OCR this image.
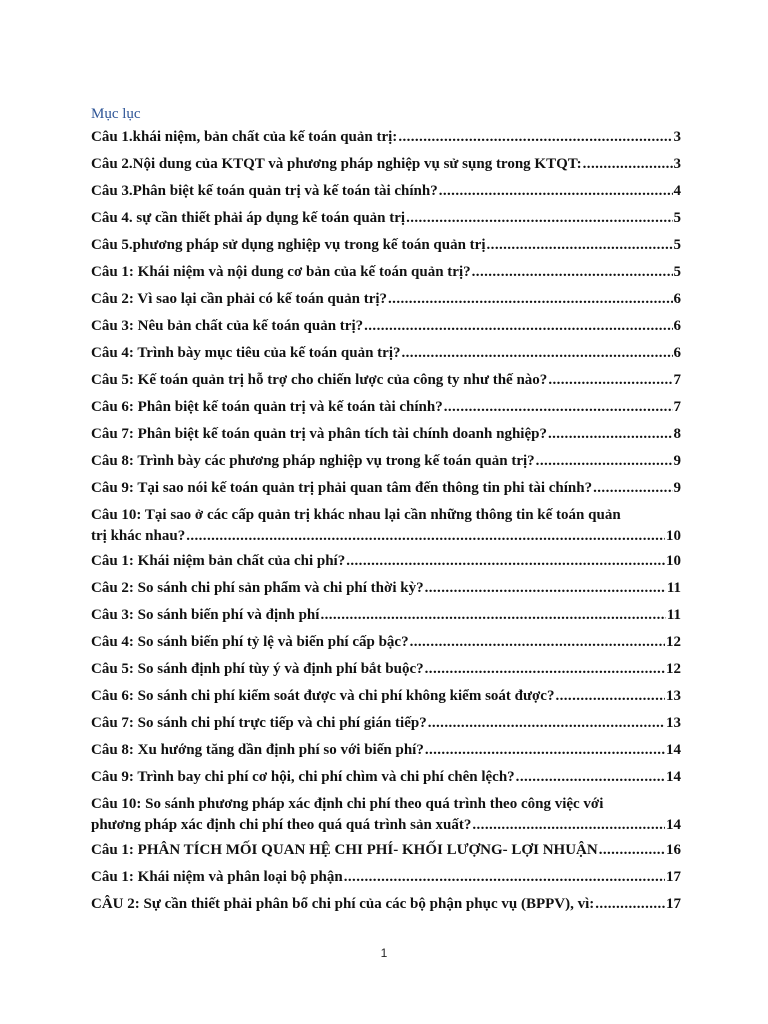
Mục lục
Câu 1.khái niệm, bản chất của kế toán quản trị: .....	3
Câu 2.Nội dung của KTQT và phương pháp nghiệp vụ sử sụng trong KTQT: .....	3
Câu 3.Phân biệt kế toán quản trị và kế toán tài chính? .....	4
Câu 4. sự cần thiết phải áp dụng kế toán quản trị .....	5
Câu 5.phương pháp sử dụng nghiệp vụ trong kế toán quản trị .....	5
Câu 1: Khái niệm và nội dung cơ bản của kế toán quản trị? .....	5
Câu 2: Vì sao lại cần phải có kế toán quản trị? .....	6
Câu 3: Nêu bản chất của kế toán quản trị? .....	6
Câu 4: Trình bày mục tiêu của kế toán quản trị? .....	6
Câu 5: Kế toán quản trị hỗ trợ cho chiến lược của công ty như thế nào? .....	7
Câu 6: Phân biệt kế toán quản trị và kế toán tài chính? .....	7
Câu 7: Phân biệt kế toán quản trị và phân tích tài chính doanh nghiệp? .....	8
Câu 8: Trình bày các phương pháp nghiệp vụ trong kế toán quản trị? .....	9
Câu 9: Tại sao nói kế toán quản trị phải quan tâm đến thông tin phi tài chính? .....	9
Câu 10: Tại sao ở các cấp quản trị khác nhau lại cần những thông tin kế toán quản
trị khác nhau? .....	10
Câu 1: Khái niệm bản chất của chi phí? .....	10
Câu 2: So sánh chi phí sản phẩm và chi phí thời kỳ? .....	11
Câu 3: So sánh biến phí và định phí .....	11
Câu 4: So sánh biến phí tỷ lệ và biến phí cấp bậc? .....	12
Câu 5: So sánh định phí tùy ý và định phí bắt buộc? .....	12
Câu 6: So sánh chi phí kiểm soát được và chi phí không kiểm soát được? .....	13
Câu 7: So sánh chi phí trực tiếp và chi phí gián tiếp? .....	13
Câu 8: Xu hướng tăng dần định phí so với biến phí? .....	14
Câu 9: Trình bay chi phí cơ hội, chi phí chìm và chi phí chên lệch? .....	14
Câu 10: So sánh phương pháp xác định chi phí theo quá trình theo công việc với
phương pháp xác định chi phí theo quá quá trình sản xuất? .....	14
Câu 1: PHÂN TÍCH MỐI QUAN HỆ CHI PHÍ- KHỐI LƯỢNG- LỢI NHUẬN .....	16
Câu 1: Khái niệm và phân loại bộ phận .....	17
CÂU 2: Sự cần thiết phải phân bổ chi phí của các bộ phận phục vụ (BPPV), vì: .....	17
1
